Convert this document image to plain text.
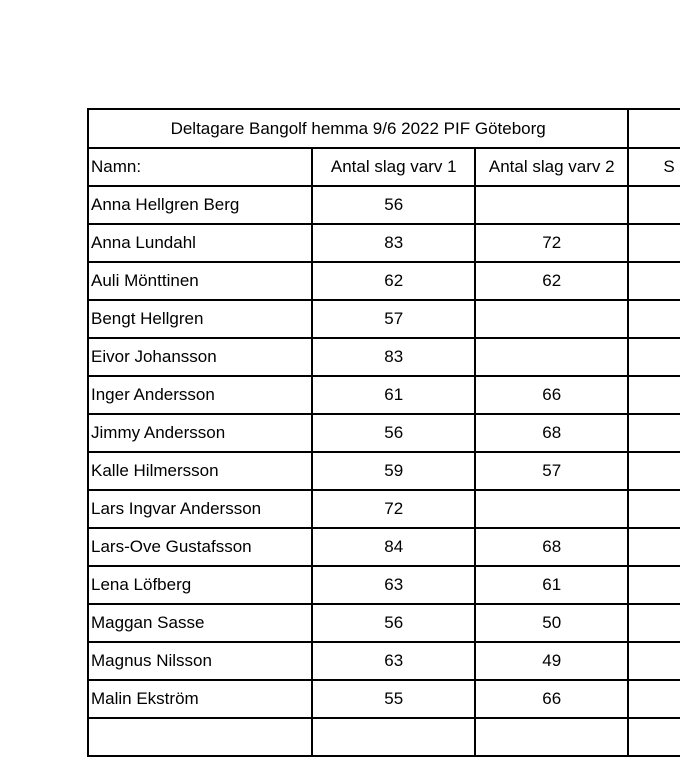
Deltagare Bangolf hemma 9/6 2022 PIF Göteborg			
Namn:	Antal slag varv 1	Antal slag varv 2	S
Anna Hellgren Berg	56		
Anna Lundahl	83	72	
Auli Mönttinen	62	62	
Bengt Hellgren	57		
Eivor Johansson	83		
Inger Andersson	61	66	
Jimmy Andersson	56	68	
Kalle Hilmersson	59	57	
Lars Ingvar Andersson	72		
Lars-Ove Gustafsson	84	68	
Lena Löfberg	63	61	
Maggan Sasse	56	50	
Magnus Nilsson	63	49	
Malin Ekström	55	66	
